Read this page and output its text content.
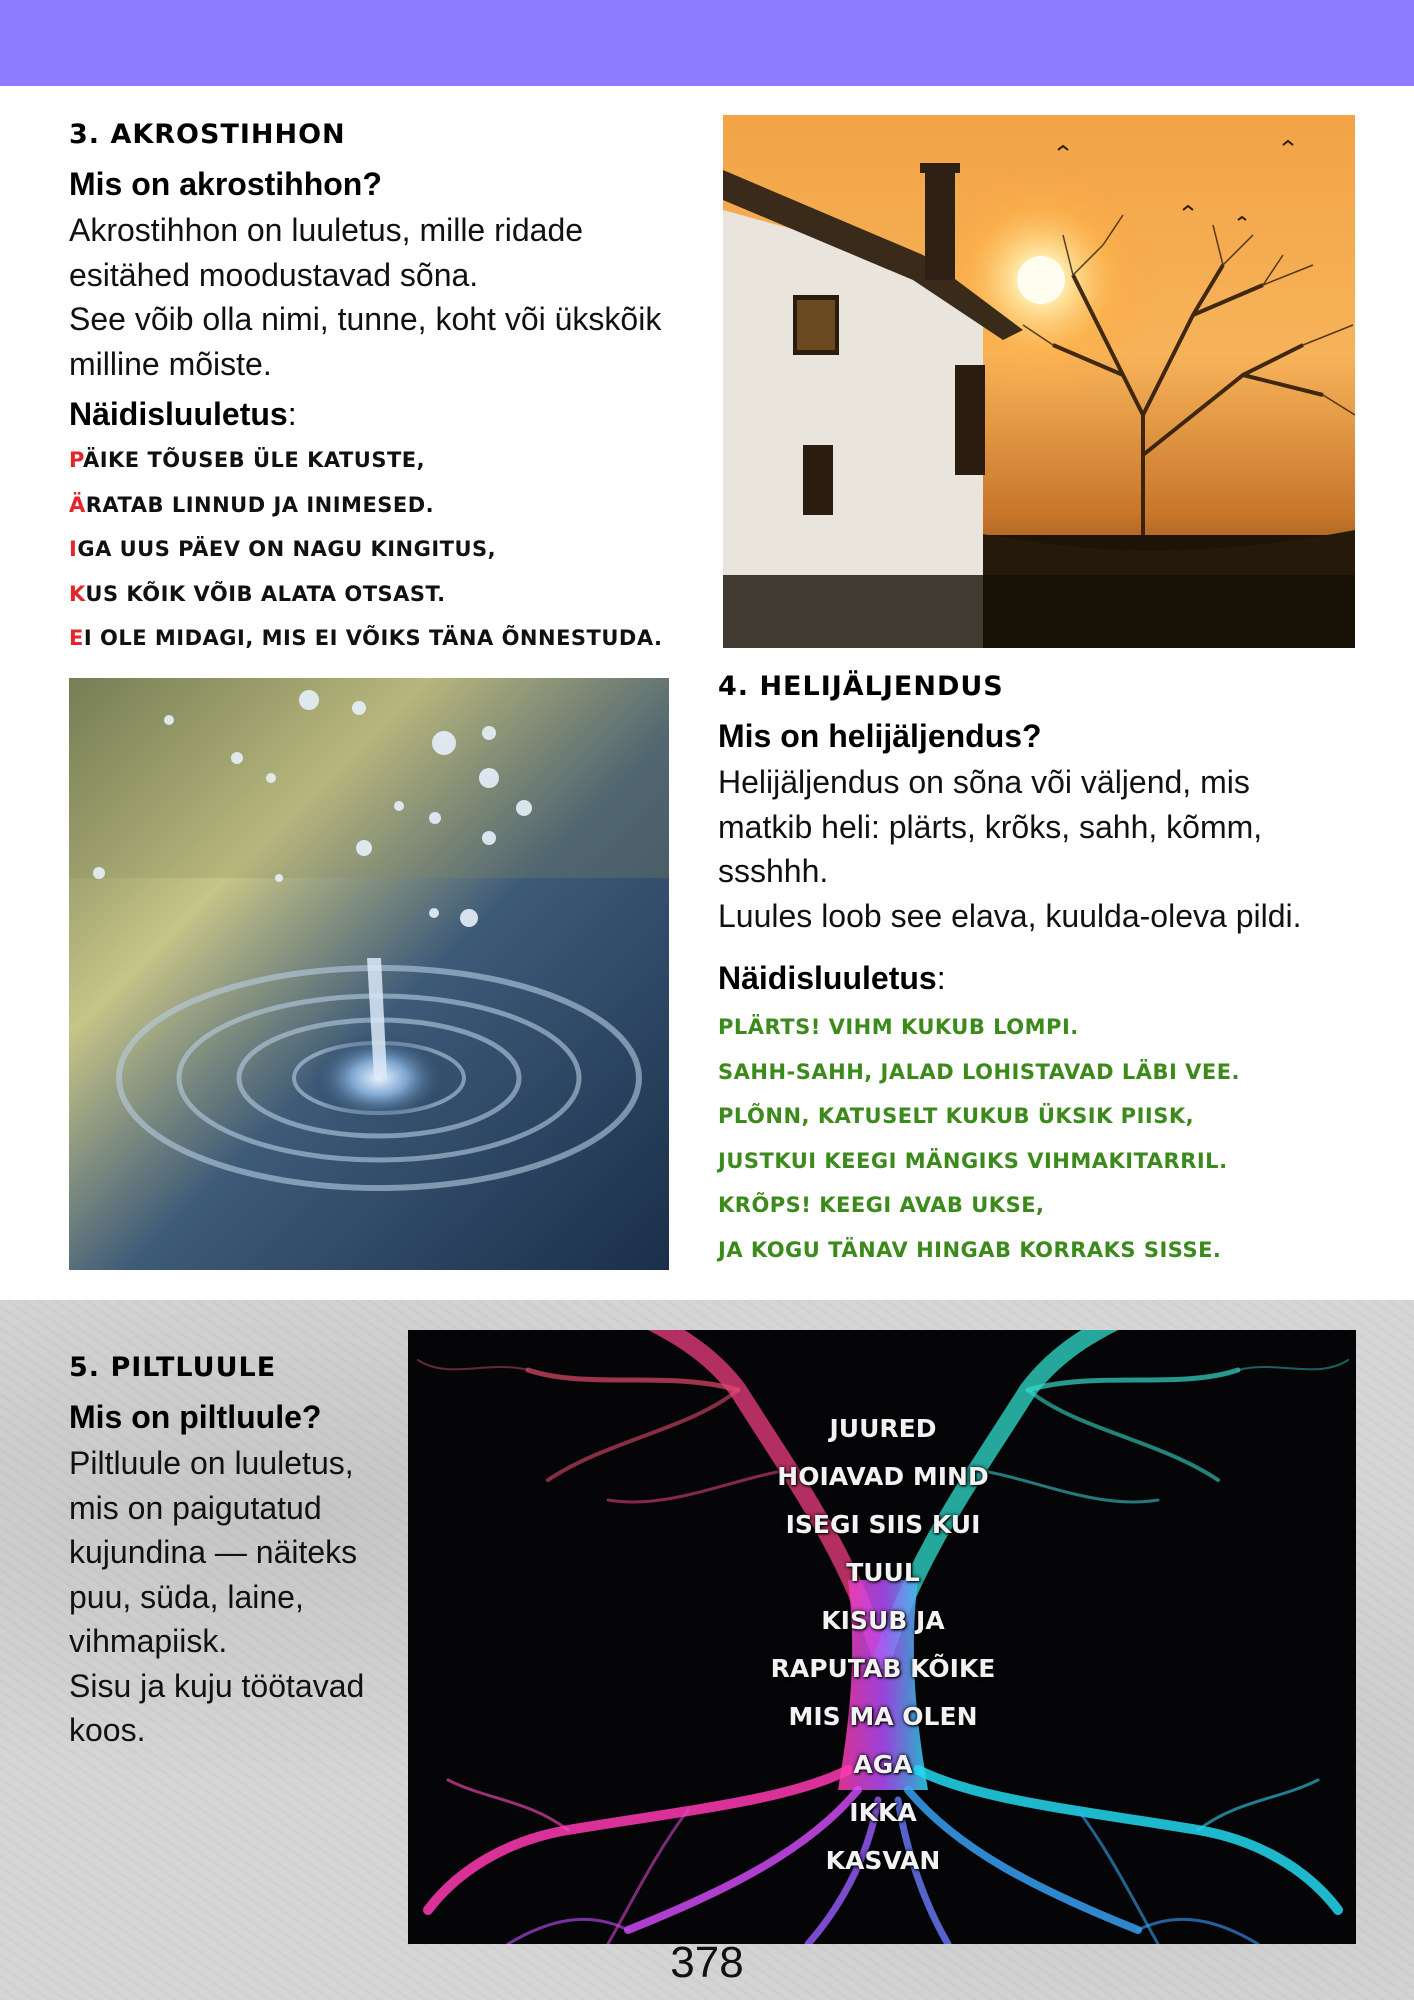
3. AKROSTIHHON
Mis on akrostihhon?
Akrostihhon on luuletus, mille ridade
esitähed moodustavad sõna.
See võib olla nimi, tunne, koht või ükskõik
milline mõiste.
Näidisluuletus:
PÄIKE TÕUSEB ÜLE KATUSTE,
ÄRATAB LINNUD JA INIMESED.
IGA UUS PÄEV ON NAGU KINGITUS,
KUS KÕIK VÕIB ALATA OTSAST.
EI OLE MIDAGI, MIS EI VÕIKS TÄNA ÕNNESTUDA.
4. HELIJÄLJENDUS
Mis on helijäljendus?
Helijäljendus on sõna või väljend, mis
matkib heli: plärts, krõks, sahh, kõmm,
ssshhh.
Luules loob see elava, kuulda-oleva pildi.
Näidisluuletus:
PLÄRTS! VIHM KUKUB LOMPI.
SAHH-SAHH, JALAD LOHISTAVAD LÄBI VEE.
PLÕNN, KATUSELT KUKUB ÜKSIK PIISK,
JUSTKUI KEEGI MÄNGIKS VIHMAKITARRIL.
KRÕPS! KEEGI AVAB UKSE,
JA KOGU TÄNAV HINGAB KORRAKS SISSE.
5. PILTLUULE
Mis on piltluule?
Piltluule on luuletus,
mis on paigutatud
kujundina — näiteks
puu, süda, laine,
vihmapiisk.
Sisu ja kuju töötavad
koos.
JUURED
HOIAVAD MIND
ISEGI SIIS KUI
TUUL
KISUB JA
RAPUTAB KÕIKE
MIS MA OLEN
AGA
IKKA
KASVAN
378
